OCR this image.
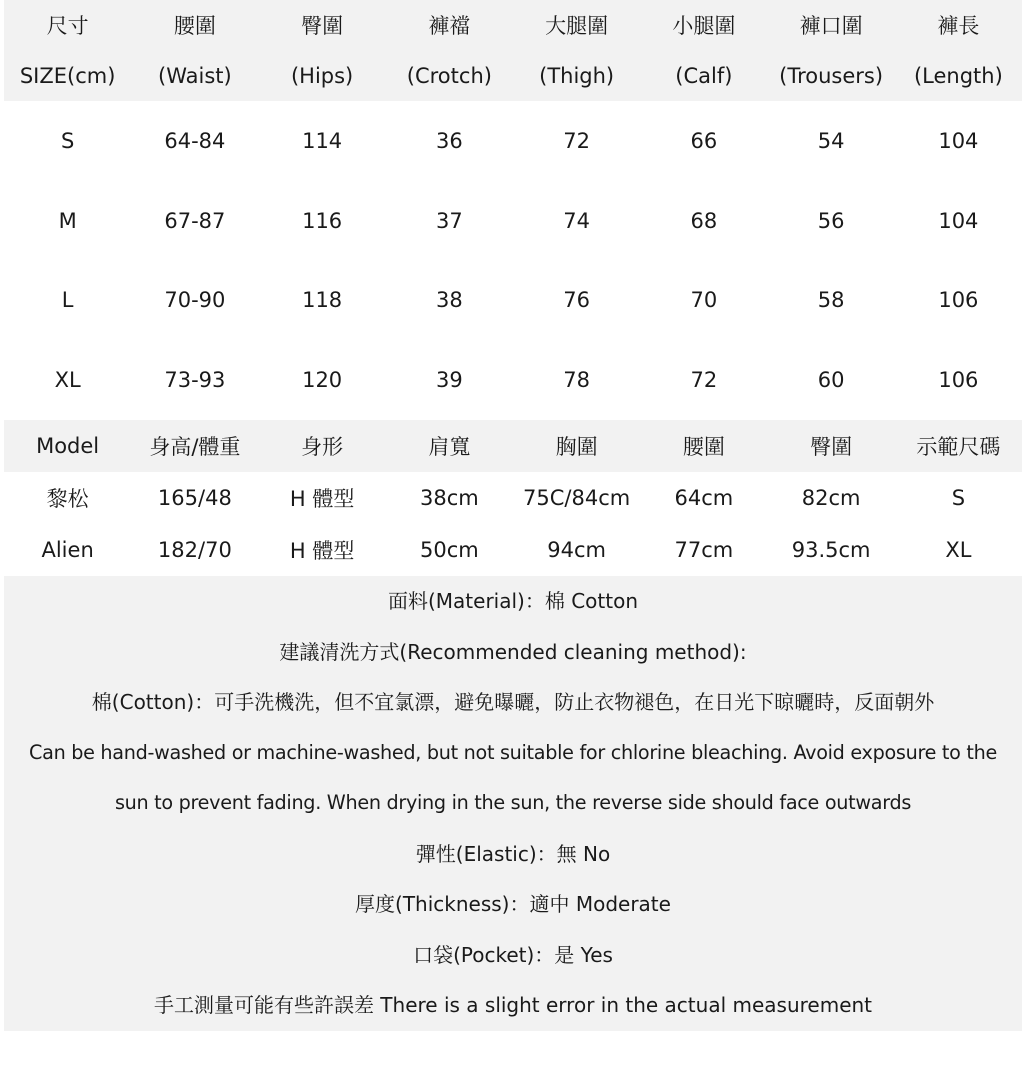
尺寸	腰圍	臀圍	褲襠	大腿圍	小腿圍	褲口圍	褲長
SIZE(cm)	(Waist)	(Hips)	(Crotch)	(Thigh)	(Calf)	(Trousers)	(Length)
S	64-84	114	36	72	66	54	104
M	67-87	116	37	74	68	56	104
L	70-90	118	38	76	70	58	106
XL	73-93	120	39	78	72	60	106
Model	身高/體重	身形	肩寬	胸圍	腰圍	臀圍	示範尺碼
黎松	165/48	H 體型	38cm	75C/84cm	64cm	82cm	S
Alien	182/70	H 體型	50cm	94cm	77cm	93.5cm	XL
面料(Material)：棉 Cotton
建議清洗方式(Recommended cleaning method):
棉(Cotton)：可手洗機洗，但不宜氯漂，避免曝曬，防止衣物褪色，在日光下晾曬時，反面朝外
Can be hand-washed or machine-washed, but not suitable for chlorine bleaching. Avoid exposure to the
sun to prevent fading. When drying in the sun, the reverse side should face outwards
彈性(Elastic)：無 No
厚度(Thickness)：適中 Moderate
口袋(Pocket)：是 Yes
手工測量可能有些許誤差 There is a slight error in the actual measurement
